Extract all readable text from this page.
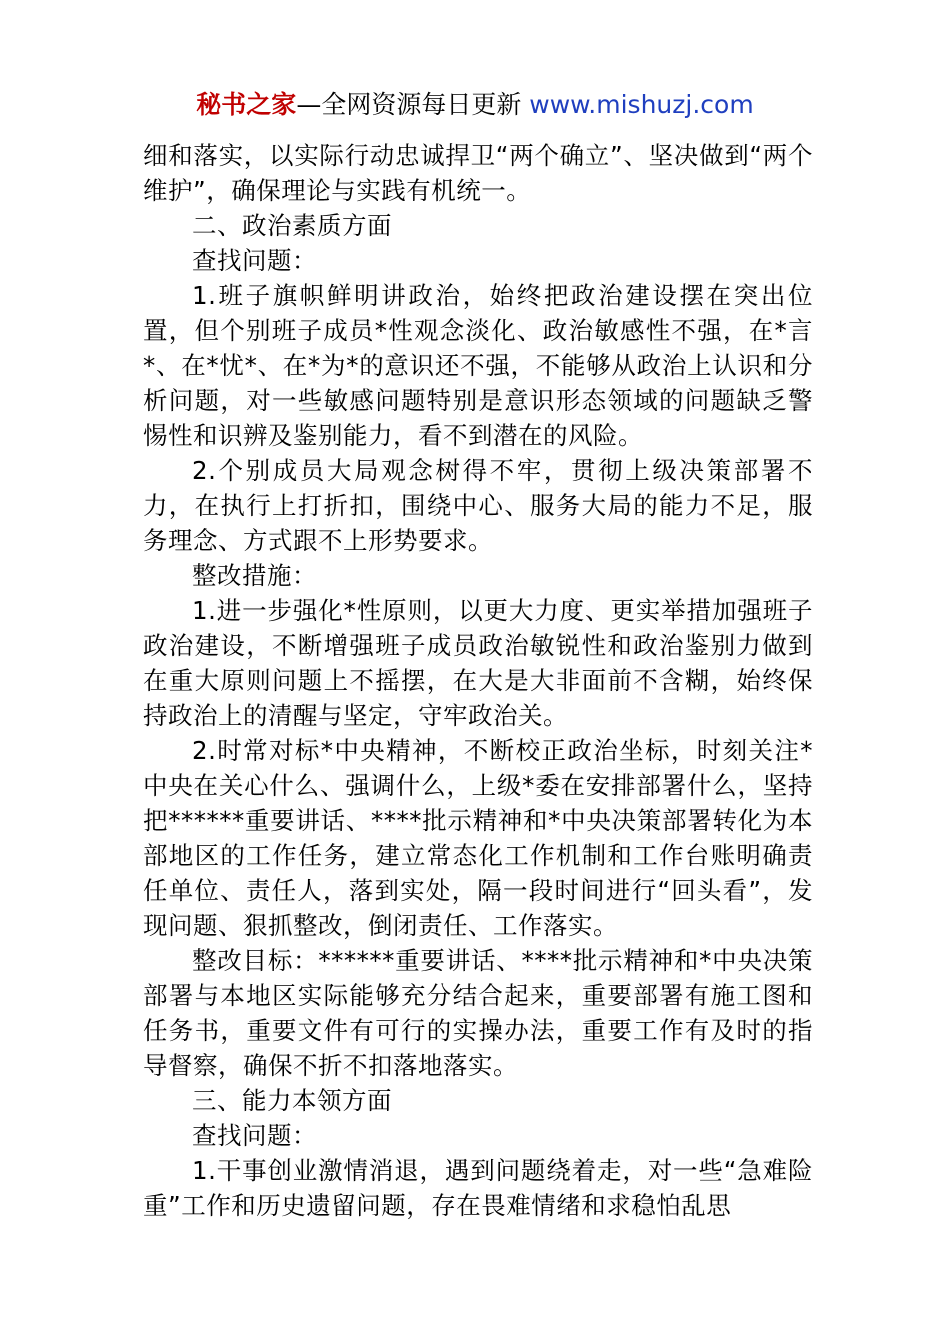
秘书之家—全网资源每日更新 www.mishuzj.com

细和落实，以实际行动忠诚捍卫“两个确立”、坚决做到“两个维护”，确保理论与实践有机统一。

二、政治素质方面

查找问题：

1.班子旗帜鲜明讲政治，始终把政治建设摆在突出位置，但个别班子成员*性观念淡化、政治敏感性不强，在*言*、在*忧*、在*为*的意识还不强，不能够从政治上认识和分析问题，对一些敏感问题特别是意识形态领域的问题缺乏警惕性和识辨及鉴别能力，看不到潜在的风险。

2.个别成员大局观念树得不牢，贯彻上级决策部署不力，在执行上打折扣，围绕中心、服务大局的能力不足，服务理念、方式跟不上形势要求。

整改措施：

1.进一步强化*性原则，以更大力度、更实举措加强班子政治建设，不断增强班子成员政治敏锐性和政治鉴别力做到在重大原则问题上不摇摆，在大是大非面前不含糊，始终保持政治上的清醒与坚定，守牢政治关。

2.时常对标*中央精神，不断校正政治坐标，时刻关注*中央在关心什么、强调什么，上级*委在安排部署什么，坚持把******重要讲话、****批示精神和*中央决策部署转化为本部地区的工作任务，建立常态化工作机制和工作台账明确责任单位、责任人，落到实处，隔一段时间进行“回头看”，发现问题、狠抓整改，倒闭责任、工作落实。

整改目标：******重要讲话、****批示精神和*中央决策部署与本地区实际能够充分结合起来，重要部署有施工图和任务书，重要文件有可行的实操办法，重要工作有及时的指导督察，确保不折不扣落地落实。

三、能力本领方面

查找问题：

1.干事创业激情消退，遇到问题绕着走，对一些“急难险重”工作和历史遗留问题，存在畏难情绪和求稳怕乱思
